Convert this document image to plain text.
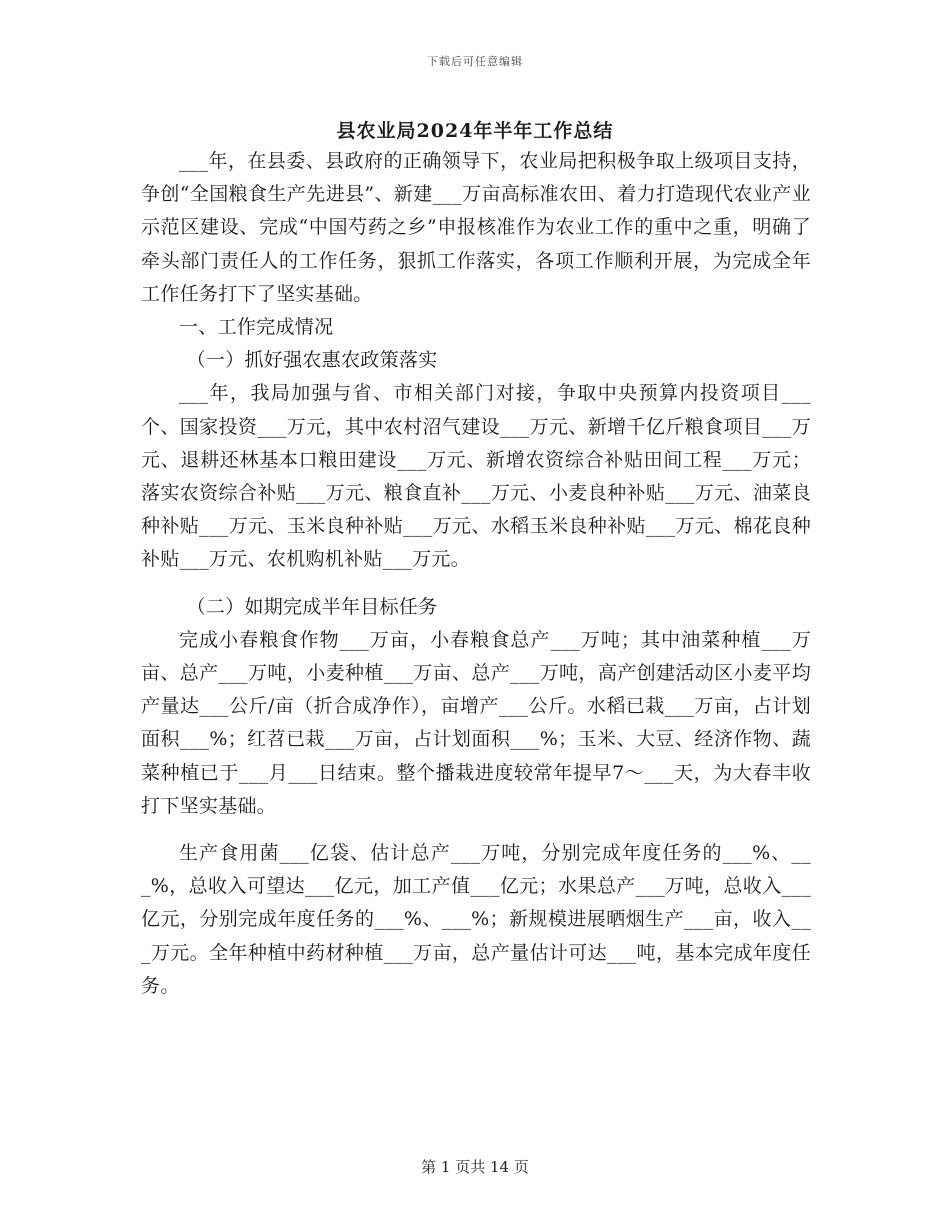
下载后可任意编辑
县农业局2024年半年工作总结

___年，在县委、县政府的正确领导下，农业局把积极争取上级项目支持，争创“全国粮食生产先进县”、新建___万亩高标准农田、着力打造现代农业产业示范区建设、完成“中国芍药之乡”申报核准作为农业工作的重中之重，明确了牵头部门责任人的工作任务，狠抓工作落实，各项工作顺利开展，为完成全年工作任务打下了坚实基础。

一、工作完成情况

（一）抓好强农惠农政策落实

___年，我局加强与省、市相关部门对接，争取中央预算内投资项目___个、国家投资___万元，其中农村沼气建设___万元、新增千亿斤粮食项目___万元、退耕还林基本口粮田建设___万元、新增农资综合补贴田间工程___万元；落实农资综合补贴___万元、粮食直补___万元、小麦良种补贴___万元、油菜良种补贴___万元、玉米良种补贴___万元、水稻玉米良种补贴___万元、棉花良种补贴___万元、农机购机补贴___万元。

（二）如期完成半年目标任务

完成小春粮食作物___万亩，小春粮食总产___万吨；其中油菜种植___万亩、总产___万吨，小麦种植___万亩、总产___万吨，高产创建活动区小麦平均产量达___公斤/亩（折合成净作），亩增产___公斤。水稻已栽___万亩，占计划面积___%；红苕已栽___万亩，占计划面积___%；玉米、大豆、经济作物、蔬菜种植已于___月___日结束。整个播栽进度较常年提早7～___天，为大春丰收打下坚实基础。

生产食用菌___亿袋、估计总产___万吨，分别完成年度任务的___%、___%，总收入可望达___亿元，加工产值___亿元；水果总产___万吨，总收入___亿元，分别完成年度任务的___%、___%；新规模进展晒烟生产___亩，收入___万元。全年种植中药材种植___万亩，总产量估计可达___吨，基本完成年度任务。

第 1 页共 14 页
